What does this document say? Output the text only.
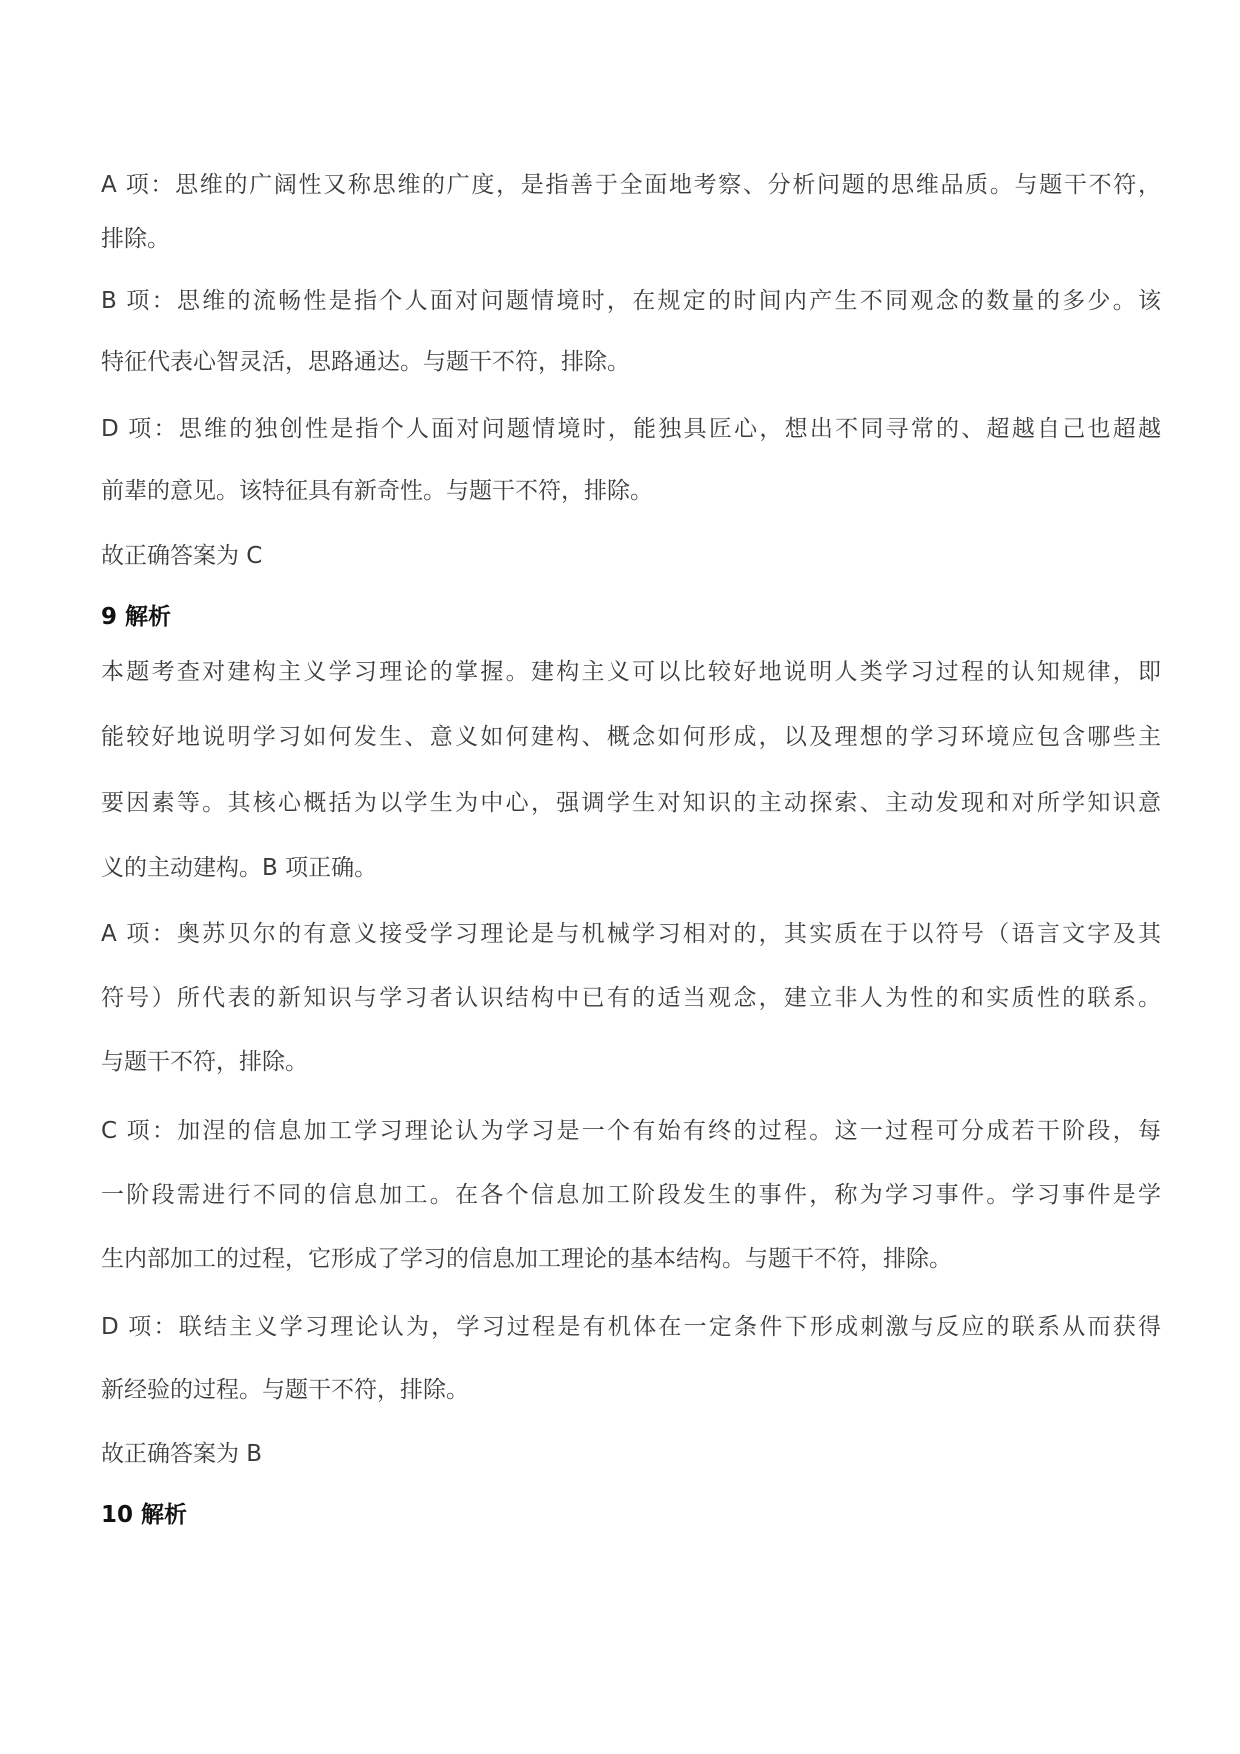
A 项：思维的广阔性又称思维的广度，是指善于全面地考察、分析问题的思维品质。与题干不符，
排除。
B 项：思维的流畅性是指个人面对问题情境时，在规定的时间内产生不同观念的数量的多少。该
特征代表心智灵活，思路通达。与题干不符，排除。
D 项：思维的独创性是指个人面对问题情境时，能独具匠心，想出不同寻常的、超越自己也超越
前辈的意见。该特征具有新奇性。与题干不符，排除。
故正确答案为 C
9 解析
本题考查对建构主义学习理论的掌握。建构主义可以比较好地说明人类学习过程的认知规律，即
能较好地说明学习如何发生、意义如何建构、概念如何形成，以及理想的学习环境应包含哪些主
要因素等。其核心概括为以学生为中心，强调学生对知识的主动探索、主动发现和对所学知识意
义的主动建构。B 项正确。
A 项：奥苏贝尔的有意义接受学习理论是与机械学习相对的，其实质在于以符号（语言文字及其
符号）所代表的新知识与学习者认识结构中已有的适当观念，建立非人为性的和实质性的联系。
与题干不符，排除。
C 项：加涅的信息加工学习理论认为学习是一个有始有终的过程。这一过程可分成若干阶段，每
一阶段需进行不同的信息加工。在各个信息加工阶段发生的事件，称为学习事件。学习事件是学
生内部加工的过程，它形成了学习的信息加工理论的基本结构。与题干不符，排除。
D 项：联结主义学习理论认为，学习过程是有机体在一定条件下形成刺激与反应的联系从而获得
新经验的过程。与题干不符，排除。
故正确答案为 B
10 解析
